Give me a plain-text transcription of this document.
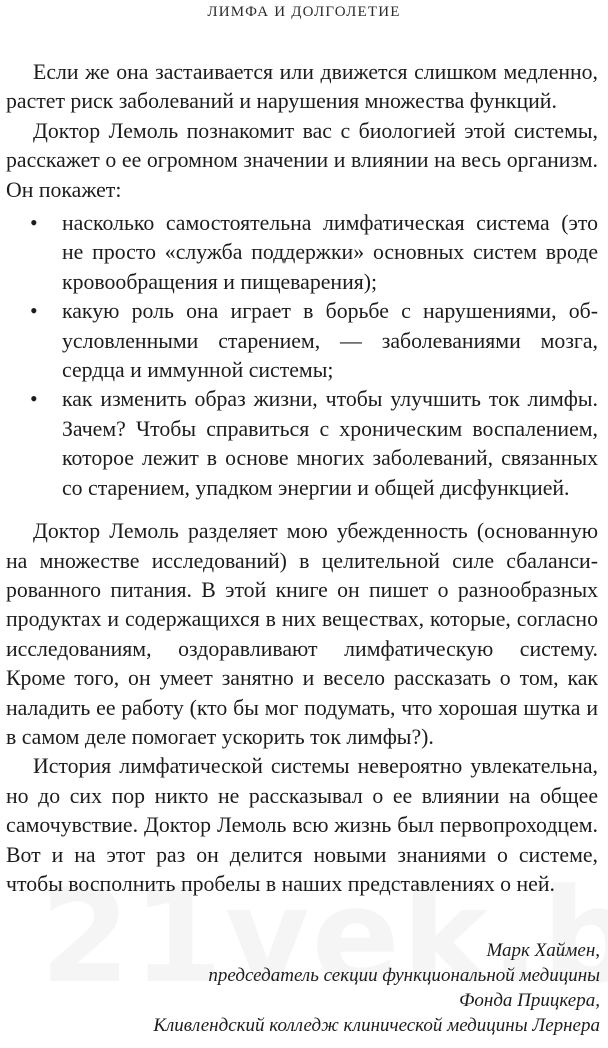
ЛИМФА И ДОЛГОЛЕТИЕ

Если же она застаивается или движется слишком медленно, растет риск заболеваний и нарушения множества функций.

Доктор Лемоль познакомит вас с биологией этой системы, расскажет о ее огромном значении и влиянии на весь организм. Он покажет:

• насколько самостоятельна лимфатическая система (это не просто «служба поддержки» основных систем вроде кровообращения и пищеварения);
• какую роль она играет в борьбе с нарушениями, обусловленными старением, — заболеваниями мозга, сердца и иммунной системы;
• как изменить образ жизни, чтобы улучшить ток лимфы. Зачем? Чтобы справиться с хроническим воспалением, которое лежит в основе многих заболеваний, связанных со старением, упадком энергии и общей дисфункцией.

Доктор Лемоль разделяет мою убежденность (основанную на множестве исследований) в целительной силе сбалансированного питания. В этой книге он пишет о разнообразных продуктах и содержащихся в них веществах, которые, согласно исследованиям, оздоравливают лимфатическую систему. Кроме того, он умеет занятно и весело рассказать о том, как наладить ее работу (кто бы мог подумать, что хорошая шутка и в самом деле помогает ускорить ток лимфы?).

История лимфатической системы невероятно увлекательна, но до сих пор никто не рассказывал о ее влиянии на общее самочувствие. Доктор Лемоль всю жизнь был первопроходцем. Вот и на этот раз он делится новыми знаниями о системе, чтобы восполнить пробелы в наших представлениях о ней.

Марк Хаймен,
председатель секции функциональной медицины
Фонда Прицкера,
Кливлендский колледж клинической медицины Лернера
